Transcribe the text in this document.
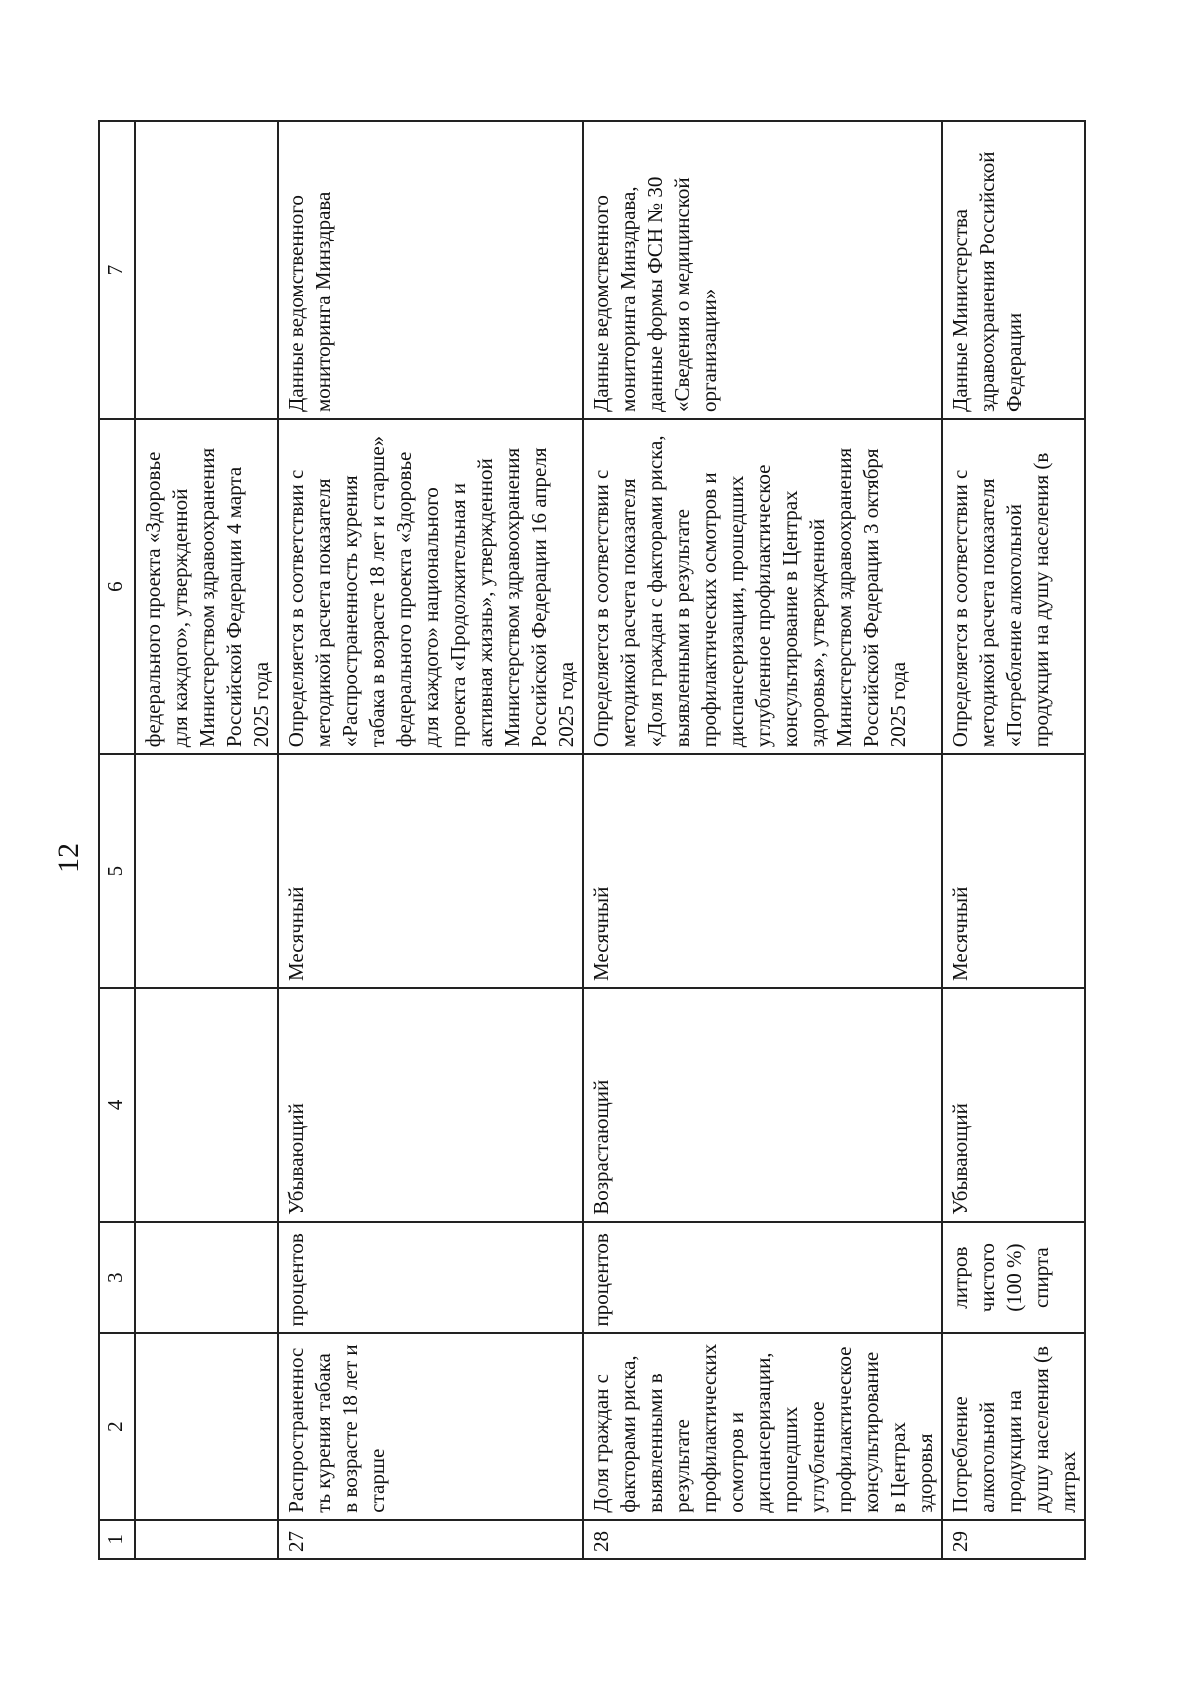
12
1	2	3	4	5	6	7
					федерального проекта «Здоровье для каждого», утвержденной Министерством здравоохранения Российской Федерации 4 марта 2025 года	
27	Распространенность курения табака в возрасте 18 лет и старше	процентов	Убывающий	Месячный	Определяется в соответствии с методикой расчета показателя «Распространенность курения табака в возрасте 18 лет и старше» федерального проекта «Здоровье для каждого» национального проекта «Продолжительная и активная жизнь», утвержденной Министерством здравоохранения Российской Федерации 16 апреля 2025 года	Данные ведомственного мониторинга Минздрава
28	Доля граждан с факторами риска, выявленными в результате профилактических осмотров и диспансеризации, прошедших углубленное профилактическое консультирование в Центрах здоровья	процентов	Возрастающий	Месячный	Определяется в соответствии с методикой расчета показателя «Доля граждан с факторами риска, выявленными в результате профилактических осмотров и диспансеризации, прошедших углубленное профилактическое консультирование в Центрах здоровья», утвержденной Министерством здравоохранения Российской Федерации 3 октября 2025 года	Данные ведомственного мониторинга Минздрава, данные формы ФСН № 30 «Сведения о медицинской организации»
29	Потребление алкогольной продукции на душу населения (в литрах	литров чистого (100 %) спирта	Убывающий	Месячный	Определяется в соответствии с методикой расчета показателя «Потребление алкогольной продукции на душу населения (в	Данные Министерства здравоохранения Российской Федерации
